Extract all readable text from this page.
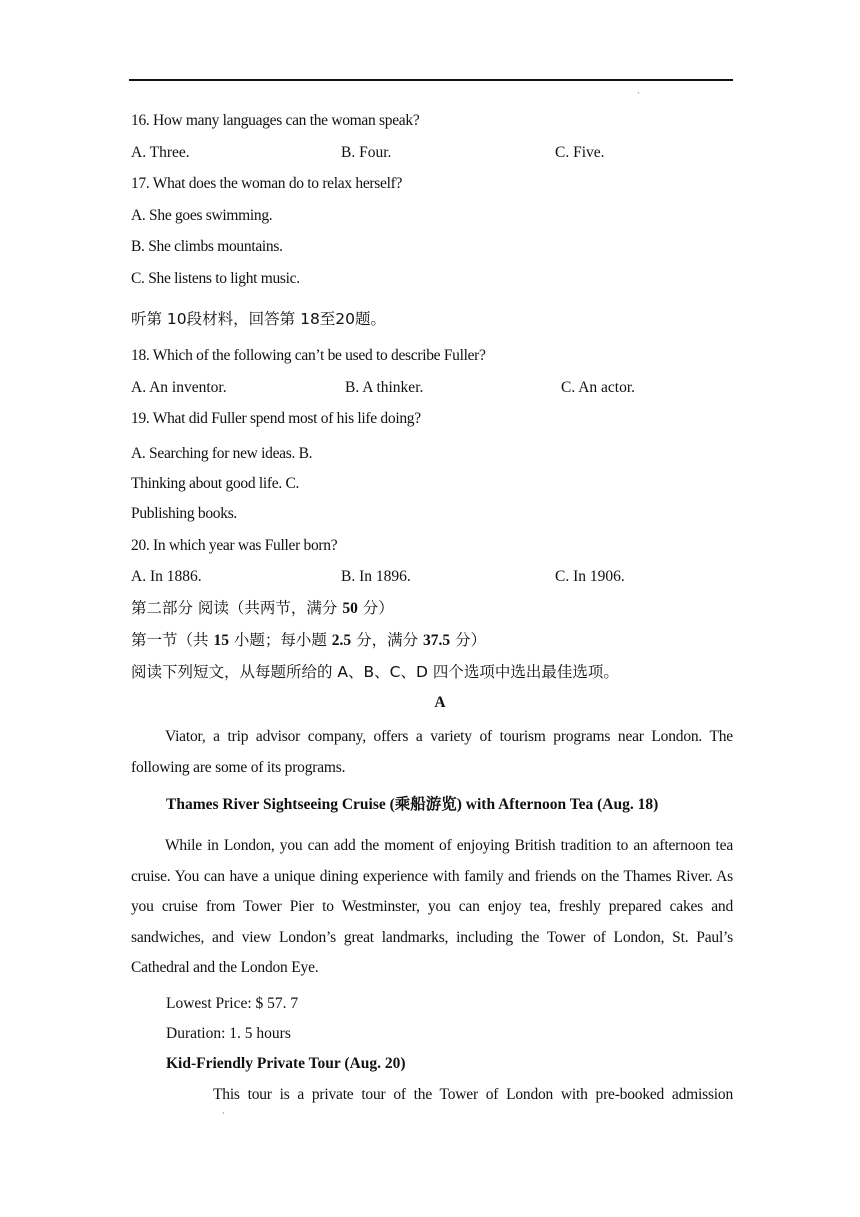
·
16. How many languages can the woman speak?
A. Three.	B. Four.	C. Five.
17. What does the woman do to relax herself?
A. She goes swimming.
B. She climbs mountains.
C. She listens to light music.
听第 10段材料，回答第 18至20题。
18. Which of the following can’t be used to describe Fuller?
A. An inventor.	B. A thinker.	C. An actor.
19. What did Fuller spend most of his life doing?
A. Searching for new ideas. B.
Thinking about good life. C.
Publishing books.
20. In which year was Fuller born?
A. In 1886.	B. In 1896.	C. In 1906.
第二部分 阅读（共两节，满分 50 分）
第一节（共 15 小题；每小题 2.5 分，满分 37.5 分）
阅读下列短文，从每题所给的 A、B、C、D 四个选项中选出最佳选项。
A
Viator, a trip advisor company, offers a variety of tourism programs near London. The following are some of its programs.
Thames River Sightseeing Cruise (乘船游览) with Afternoon Tea (Aug. 18)
While in London, you can add the moment of enjoying British tradition to an afternoon tea cruise. You can have a unique dining experience with family and friends on the Thames River. As you cruise from Tower Pier to Westminster, you can enjoy tea, freshly prepared cakes and sandwiches, and view London’s great landmarks, including the Tower of London, St. Paul’s Cathedral and the London Eye.
Lowest Price: $ 57. 7
Duration: 1. 5 hours
Kid-Friendly Private Tour (Aug. 20)
This tour is a private tour of the Tower of London with pre-booked admission
·
